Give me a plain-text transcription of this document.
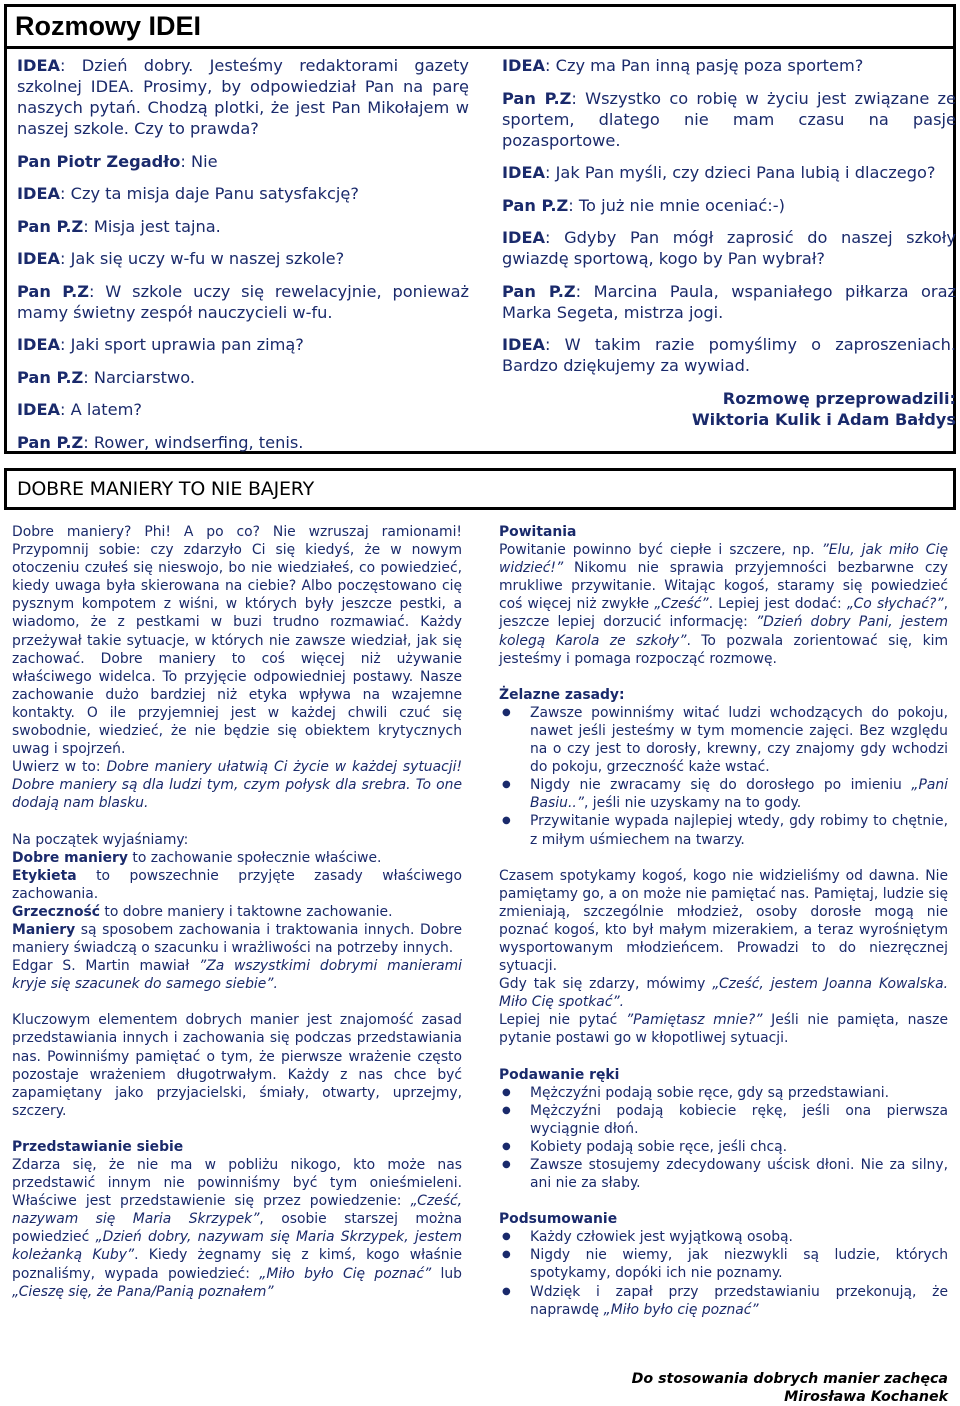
Rozmowy IDEI

IDEA: Dzień dobry. Jesteśmy redaktorami gazety szkolnej IDEA. Prosimy, by odpowiedział Pan na parę naszych pytań. Chodzą plotki, że jest Pan Mikołajem w naszej szkole. Czy to prawda?

Pan Piotr Zegadło: Nie

IDEA: Czy ta misja daje Panu satysfakcję?

Pan P.Z: Misja jest tajna.

IDEA: Jak się uczy w-fu w naszej szkole?

Pan P.Z: W szkole uczy się rewelacyjnie, ponieważ mamy świetny zespół nauczycieli w-fu.

IDEA: Jaki sport uprawia pan zimą?

Pan P.Z: Narciarstwo.

IDEA: A latem?

Pan P.Z: Rower, windserfing, tenis.

IDEA: Czy ma Pan inną pasję poza sportem?

Pan P.Z: Wszystko co robię w życiu jest związane ze sportem, dlatego nie mam czasu na pasje pozasportowe.

IDEA: Jak Pan myśli, czy dzieci Pana lubią i dlaczego?

Pan P.Z: To już nie mnie oceniać:-)

IDEA: Gdyby Pan mógł zaprosić do naszej szkoły gwiazdę sportową, kogo by Pan wybrał?

Pan P.Z: Marcina Paula, wspaniałego piłkarza oraz Marka Segeta, mistrza jogi.

IDEA: W takim razie pomyślimy o zaproszeniach. Bardzo dziękujemy za wywiad.

Rozmowę przeprowadzili:
Wiktoria Kulik i Adam Bałdys
DOBRE MANIERY TO NIE BAJERY

Dobre maniery? Phi! A po co? Nie wzruszaj ramionami! Przypomnij sobie: czy zdarzyło Ci się kiedyś, że w nowym otoczeniu czułeś się nieswojo, bo nie wiedziałeś, co powiedzieć, kiedy uwaga była skierowana na ciebie? Albo poczęstowano cię pysznym kompotem z wiśni, w których były jeszcze pestki, a wiadomo, że z pestkami w buzi trudno rozmawiać. Każdy przeżywał takie sytuacje, w których nie zawsze wiedział, jak się zachować. Dobre maniery to coś więcej niż używanie właściwego widelca. To przyjęcie odpowiedniej postawy. Nasze zachowanie dużo bardziej niż etyka wpływa na wzajemne kontakty. O ile przyjemniej jest w każdej chwili czuć się swobodnie, wiedzieć, że nie będzie się obiektem krytycznych uwag i spojrzeń.

Uwierz w to: Dobre maniery ułatwią Ci życie w każdej sytuacji! Dobre maniery są dla ludzi tym, czym połysk dla srebra. To one dodają nam blasku.

Na początek wyjaśniamy:

Dobre maniery to zachowanie społecznie właściwe.

Etykieta to powszechnie przyjęte zasady właściwego zachowania.

Grzeczność to dobre maniery i taktowne zachowanie.

Maniery są sposobem zachowania i traktowania innych. Dobre maniery świadczą o szacunku i wrażliwości na potrzeby innych.

Edgar S. Martin mawiał ”Za wszystkimi dobrymi manierami kryje się szacunek do samego siebie”.

Kluczowym elementem dobrych manier jest znajomość zasad przedstawiania innych i zachowania się podczas przedstawiania nas. Powinniśmy pamiętać o tym, że pierwsze wrażenie często pozostaje wrażeniem długotrwałym. Każdy z nas chce być zapamiętany jako przyjacielski, śmiały, otwarty, uprzejmy, szczery.

Przedstawianie siebie

Zdarza się, że nie ma w pobliżu nikogo, kto może nas przedstawić innym nie powinniśmy być tym onieśmieleni. Właściwe jest przedstawienie się przez powiedzenie: „Cześć, nazywam się Maria Skrzypek”, osobie starszej można powiedzieć „Dzień dobry, nazywam się Maria Skrzypek, jestem koleżanką Kuby”. Kiedy żegnamy się z kimś, kogo właśnie poznaliśmy, wypada powiedzieć: „Miło było Cię poznać” lub „Cieszę się, że Pana/Panią poznałem”

Powitania

Powitanie powinno być ciepłe i szczere, np. ”Elu, jak miło Cię widzieć!” Nikomu nie sprawia przyjemności bezbarwne czy mrukliwe przywitanie. Witając kogoś, staramy się powiedzieć coś więcej niż zwykłe „Cześć”. Lepiej jest dodać: „Co słychać?”, jeszcze lepiej dorzucić informację: ”Dzień dobry Pani, jestem kolegą Karola ze szkoły”. To pozwala zorientować się, kim jesteśmy i pomaga rozpocząć rozmowę.

Żelazne zasady:

● Zawsze powinniśmy witać ludzi wchodzących do pokoju, nawet jeśli jesteśmy w tym momencie zajęci. Bez względu na o czy jest to dorosły, krewny, czy znajomy gdy wchodzi do pokoju, grzeczność każe wstać.
● Nigdy nie zwracamy się do dorosłego po imieniu „Pani Basiu..”, jeśli nie uzyskamy na to gody.
● Przywitanie wypada najlepiej wtedy, gdy robimy to chętnie, z miłym uśmiechem na twarzy.

Czasem spotykamy kogoś, kogo nie widzieliśmy od dawna. Nie pamiętamy go, a on może nie pamiętać nas. Pamiętaj, ludzie się zmieniają, szczególnie młodzież, osoby dorosłe mogą nie poznać kogoś, kto był małym mizerakiem, a teraz wyrośniętym wysportowanym młodzieńcem. Prowadzi to do niezręcznej sytuacji.

Gdy tak się zdarzy, mówimy „Cześć, jestem Joanna Kowalska. Miło Cię spotkać”.

Lepiej nie pytać ”Pamiętasz mnie?” Jeśli nie pamięta, nasze pytanie postawi go w kłopotliwej sytuacji.

Podawanie ręki

● Mężczyźni podają sobie ręce, gdy są przedstawiani.
● Mężczyźni podają kobiecie rękę, jeśli ona pierwsza wyciągnie dłoń.
● Kobiety podają sobie ręce, jeśli chcą.
● Zawsze stosujemy zdecydowany uścisk dłoni. Nie za silny, ani nie za słaby.

Podsumowanie

● Każdy człowiek jest wyjątkową osobą.
● Nigdy nie wiemy, jak niezwykli są ludzie, których spotykamy, dopóki ich nie poznamy.
● Wdzięk i zapał przy przedstawianiu przekonują, że naprawdę „Miło było cię poznać”
Do stosowania dobrych manier zachęca
Mirosława Kochanek
